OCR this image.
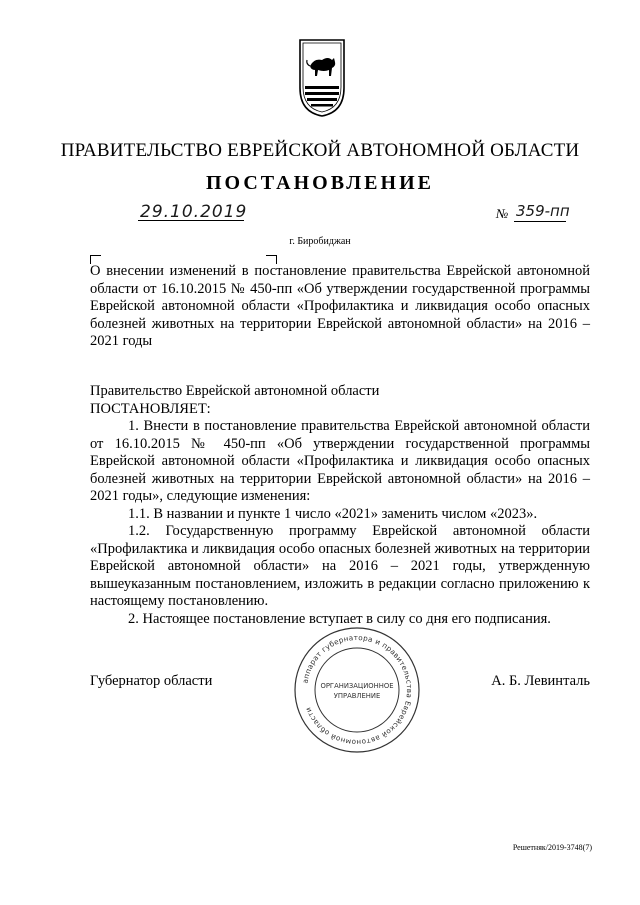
ПРАВИТЕЛЬСТВО ЕВРЕЙСКОЙ АВТОНОМНОЙ ОБЛАСТИ
ПОСТАНОВЛЕНИЕ
29.10.2019	№ 359-пп
г. Биробиджан
О внесении изменений в постановление правительства Еврейской автономной области от 16.10.2015 № 450-пп «Об утверждении государственной программы Еврейской автономной области «Профилактика и ликвидация особо опасных болезней животных на территории Еврейской автономной области» на 2016 – 2021 годы

Правительство Еврейской автономной области

ПОСТАНОВЛЯЕТ:

1. Внести в постановление правительства Еврейской автономной области от 16.10.2015 № 450-пп «Об утверждении государственной программы Еврейской автономной области «Профилактика и ликвидация особо опасных болезней животных на территории Еврейской автономной области» на 2016 – 2021 годы», следующие изменения:

1.1. В названии и пункте 1 число «2021» заменить числом «2023».

1.2. Государственную программу Еврейской автономной области «Профилактика и ликвидация особо опасных болезней животных на территории Еврейской автономной области» на 2016 – 2021 годы, утвержденную вышеуказанным постановлением, изложить в редакции согласно приложению к настоящему постановлению.

2. Настоящее постановление вступает в силу со дня его подписания.

Губернатор области	А. Б. Левинталь
аппарат губернатора и правительства Еврейской автономной области
ОРГАНИЗАЦИОННОЕ
УПРАВЛЕНИЕ
Решетняк/2019-3748(7)
